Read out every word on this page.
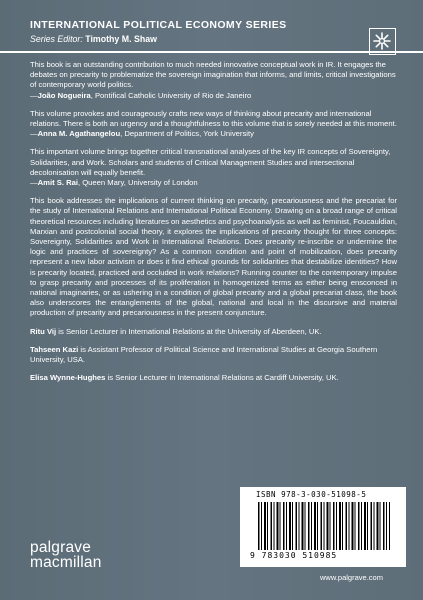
INTERNATIONAL POLITICAL ECONOMY SERIES
Series Editor: Timothy M. Shaw

This book is an outstanding contribution to much needed innovative conceptual work in IR. It engages the debates on precarity to problematize the sovereign imagination that informs, and limits, critical investigations of contemporary world politics.
—João Nogueira, Pontifical Catholic University of Rio de Janeiro

This volume provokes and courageously crafts new ways of thinking about precarity and international relations. There is both an urgency and a thoughtfulness to this volume that is sorely needed at this moment.
—Anna M. Agathangelou, Department of Politics, York University

This important volume brings together critical transnational analyses of the key IR concepts of Sovereignty, Solidarities, and Work. Scholars and students of Critical Management Studies and intersectional decolonisation will equally benefit.
—Amit S. Rai, Queen Mary, University of London

This book addresses the implications of current thinking on precarity, precariousness and the precariat for the study of International Relations and International Political Economy. Drawing on a broad range of critical theoretical resources including literatures on aesthetics and psychoanalysis as well as feminist, Foucauldian, Marxian and postcolonial social theory, it explores the implications of precarity thought for three concepts: Sovereignty, Solidarities and Work in International Relations. Does precarity re-inscribe or undermine the logic and practices of sovereignty? As a common condition and point of mobilization, does precarity represent a new labor activism or does it find ethical grounds for solidarities that destabilize identities? How is precarity located, practiced and occluded in work relations? Running counter to the contemporary impulse to grasp precarity and processes of its proliferation in homogenized terms as either being ensconced in national imaginaries, or as ushering in a condition of global precarity and a global precariat class, the book also underscores the entanglements of the global, national and local in the discursive and material production of precarity and precariousness in the present conjuncture.

Ritu Vij is Senior Lecturer in International Relations at the University of Aberdeen, UK.

Tahseen Kazi is Assistant Professor of Political Science and International Studies at Georgia Southern University, USA.

Elisa Wynne-Hughes is Senior Lecturer in International Relations at Cardiff University, UK.

palgrave
macmillan
ISBN 978-3-030-51098-5
9 783030 510985
www.palgrave.com
